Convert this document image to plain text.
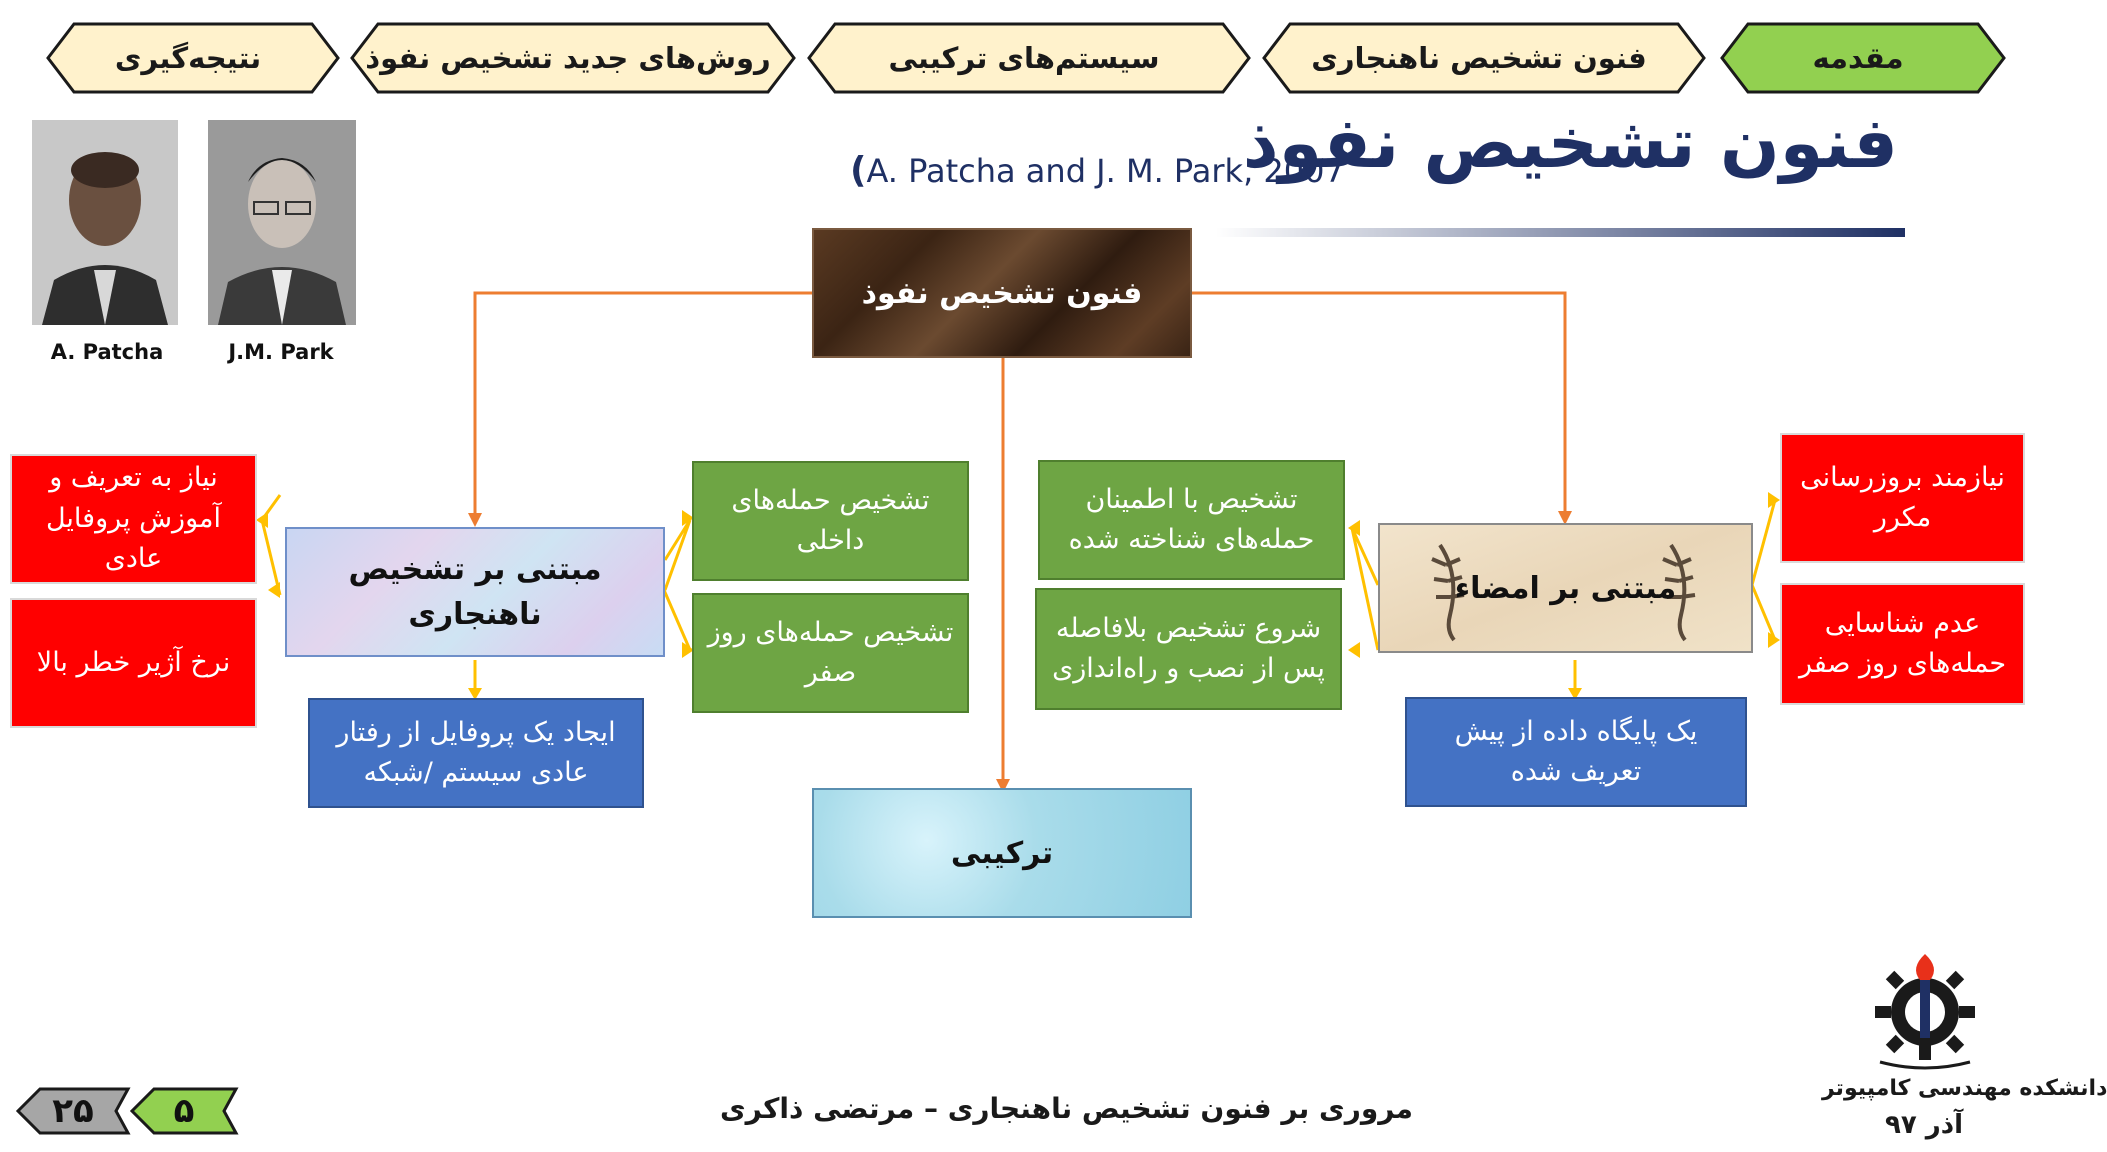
مقدمه
فنون تشخیص ناهنجاری
سیستم‌های ترکیبی
روش‌های جدید تشخیص نفوذ
نتیجه‌گیری
فنون تشخیص نفوذ
(A. Patcha and J. M. Park, 2007
A. Patcha	J.M. Park
فنون تشخیص نفوذ
مبتنی بر تشخیص ناهنجاری
مبتنی بر امضاء
ترکیبی
نیاز به تعریف و آموزش پروفایل عادی
نرخ آژیر خطر بالا
تشخیص حمله‌های داخلی
تشخیص حمله‌های روز صفر
ایجاد یک پروفایل از رفتار عادی سیستم /شبکه
تشخیص با اطمینان حمله‌های شناخته شده
شروع تشخیص بلافاصله پس از نصب و راه‌اندازی
نیازمند بروزرسانی مکرر
عدم شناسایی حمله‌های روز صفر
یک پایگاه داده از پیش تعریف شده
۲۵	۵	مروری بر فنون تشخیص ناهنجاری – مرتضی ذاکری
دانشکده مهندسی کامپیوتر
آذر ۹۷
